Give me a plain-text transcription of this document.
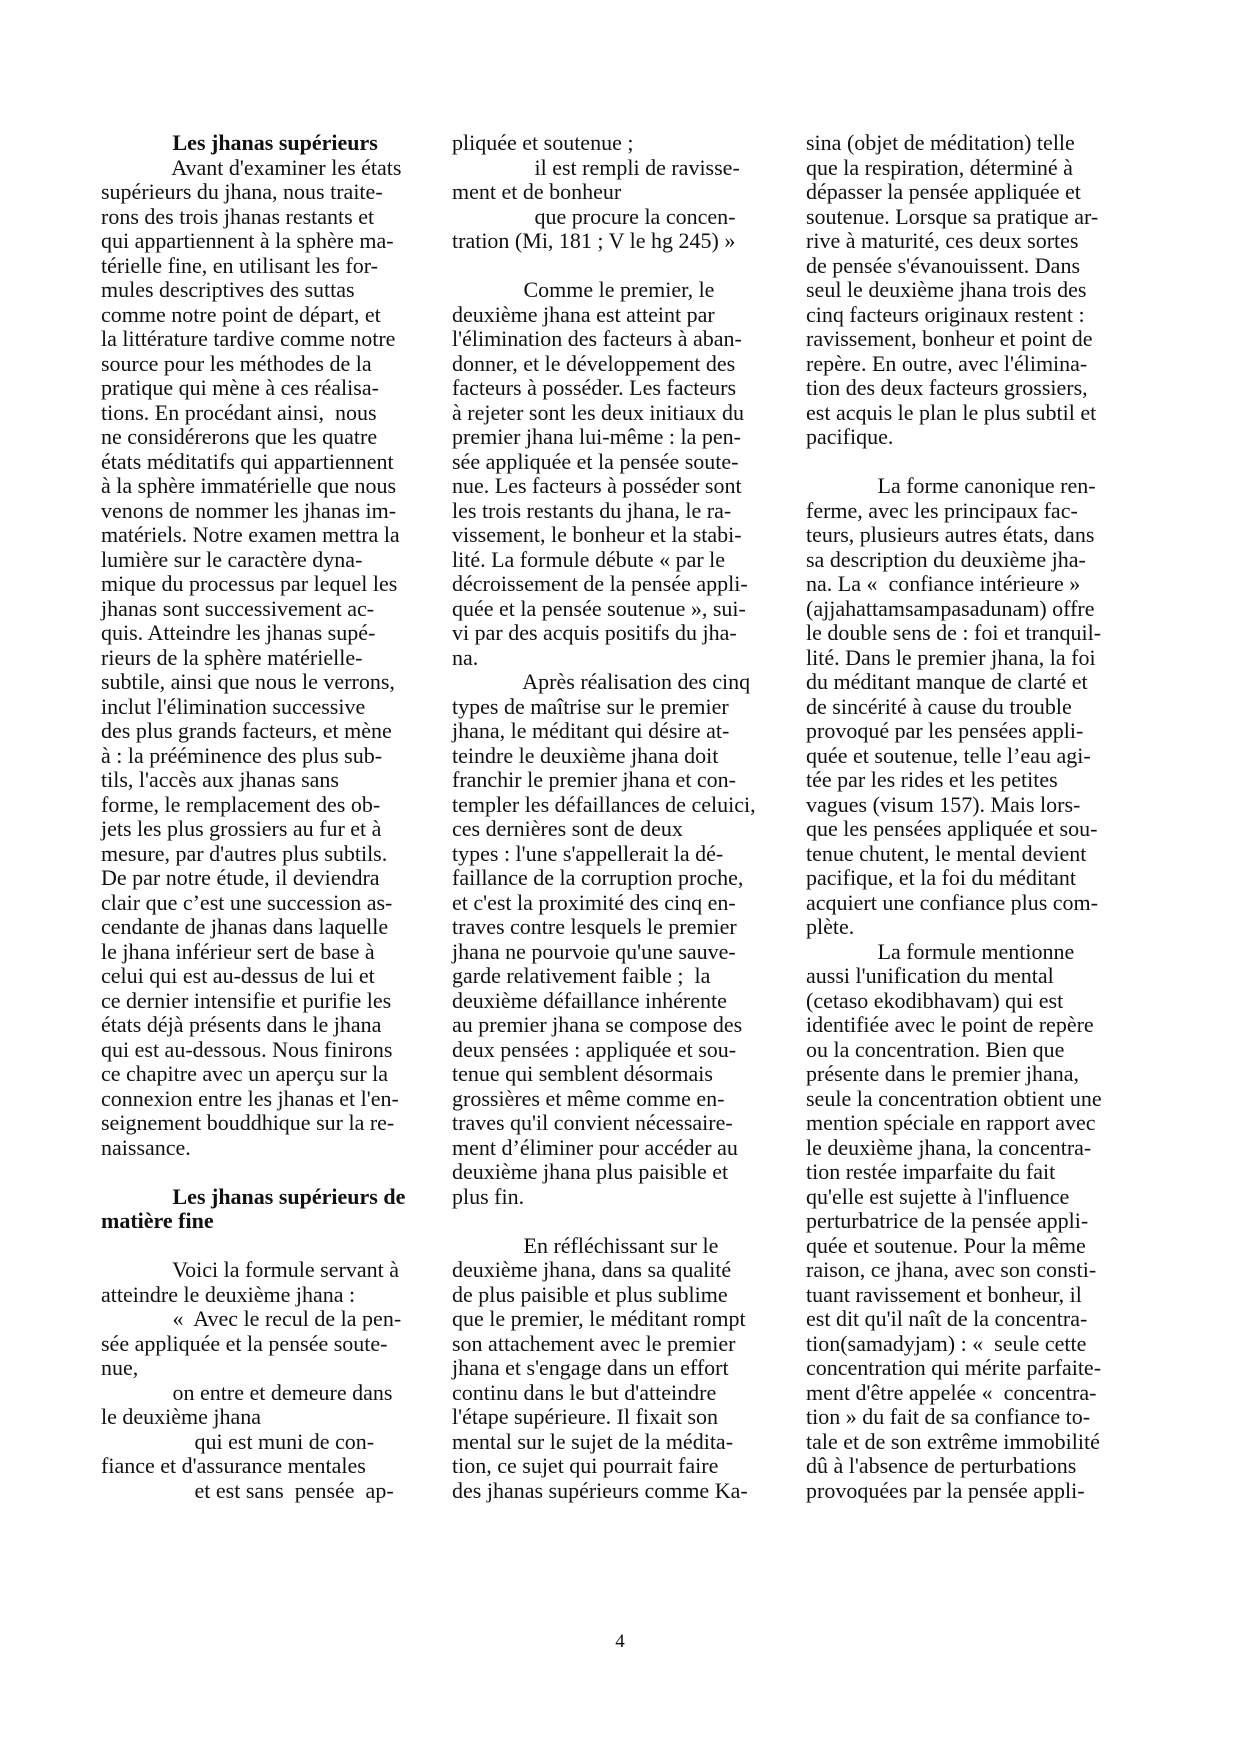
Les jhanas supérieurs
Avant d'examiner les états
supérieurs du jhana, nous traite-
rons des trois jhanas restants et
qui appartiennent à la sphère ma-
térielle fine, en utilisant les for-
mules descriptives des suttas
comme notre point de départ, et
la littérature tardive comme notre
source pour les méthodes de la
pratique qui mène à ces réalisa-
tions. En procédant ainsi,  nous
ne considérerons que les quatre
états méditatifs qui appartiennent
à la sphère immatérielle que nous
venons de nommer les jhanas im-
matériels. Notre examen mettra la
lumière sur le caractère dyna-
mique du processus par lequel les
jhanas sont successivement ac-
quis. Atteindre les jhanas supé-
rieurs de la sphère matérielle-
subtile, ainsi que nous le verrons,
inclut l'élimination successive
des plus grands facteurs, et mène
à : la prééminence des plus sub-
tils, l'accès aux jhanas sans
forme, le remplacement des ob-
jets les plus grossiers au fur et à
mesure, par d'autres plus subtils.
De par notre étude, il deviendra
clair que c’est une succession as-
cendante de jhanas dans laquelle
le jhana inférieur sert de base à
celui qui est au-dessus de lui et
ce dernier intensifie et purifie les
états déjà présents dans le jhana
qui est au-dessous. Nous finirons
ce chapitre avec un aperçu sur la
connexion entre les jhanas et l'en-
seignement bouddhique sur la re-
naissance.
Les jhanas supérieurs de
matière fine
Voici la formule servant à
atteindre le deuxième jhana :
«  Avec le recul de la pen-
sée appliquée et la pensée soute-
nue,
on entre et demeure dans
le deuxième jhana
qui est muni de con-
fiance et d'assurance mentales
et est sans  pensée  ap-
pliquée et soutenue ;
il est rempli de ravisse-
ment et de bonheur
que procure la concen-
tration (Mi, 181 ; V le hg 245) »
Comme le premier, le
deuxième jhana est atteint par
l'élimination des facteurs à aban-
donner, et le développement des
facteurs à posséder. Les facteurs
à rejeter sont les deux initiaux du
premier jhana lui-même : la pen-
sée appliquée et la pensée soute-
nue. Les facteurs à posséder sont
les trois restants du jhana, le ra-
vissement, le bonheur et la stabi-
lité. La formule débute « par le
décroissement de la pensée appli-
quée et la pensée soutenue », sui-
vi par des acquis positifs du jha-
na.
Après réalisation des cinq
types de maîtrise sur le premier
jhana, le méditant qui désire at-
teindre le deuxième jhana doit
franchir le premier jhana et con-
templer les défaillances de celuici,
ces dernières sont de deux
types : l'une s'appellerait la dé-
faillance de la corruption proche,
et c'est la proximité des cinq en-
traves contre lesquels le premier
jhana ne pourvoie qu'une sauve-
garde relativement faible ;  la
deuxième défaillance inhérente
au premier jhana se compose des
deux pensées : appliquée et sou-
tenue qui semblent désormais
grossières et même comme en-
traves qu'il convient nécessaire-
ment d’éliminer pour accéder au
deuxième jhana plus paisible et
plus fin.
En réfléchissant sur le
deuxième jhana, dans sa qualité
de plus paisible et plus sublime
que le premier, le méditant rompt
son attachement avec le premier
jhana et s'engage dans un effort
continu dans le but d'atteindre
l'étape supérieure. Il fixait son
mental sur le sujet de la médita-
tion, ce sujet qui pourrait faire
des jhanas supérieurs comme Ka-
sina (objet de méditation) telle
que la respiration, déterminé à
dépasser la pensée appliquée et
soutenue. Lorsque sa pratique ar-
rive à maturité, ces deux sortes
de pensée s'évanouissent. Dans
seul le deuxième jhana trois des
cinq facteurs originaux restent :
ravissement, bonheur et point de
repère. En outre, avec l'élimina-
tion des deux facteurs grossiers,
est acquis le plan le plus subtil et
pacifique.
La forme canonique ren-
ferme, avec les principaux fac-
teurs, plusieurs autres états, dans
sa description du deuxième jha-
na. La «  confiance intérieure »
(ajjahattamsampasadunam) offre
le double sens de : foi et tranquil-
lité. Dans le premier jhana, la foi
du méditant manque de clarté et
de sincérité à cause du trouble
provoqué par les pensées appli-
quée et soutenue, telle l’eau agi-
tée par les rides et les petites
vagues (visum 157). Mais lors-
que les pensées appliquée et sou-
tenue chutent, le mental devient
pacifique, et la foi du méditant
acquiert une confiance plus com-
plète.
La formule mentionne
aussi l'unification du mental
(cetaso ekodibhavam) qui est
identifiée avec le point de repère
ou la concentration. Bien que
présente dans le premier jhana,
seule la concentration obtient une
mention spéciale en rapport avec
le deuxième jhana, la concentra-
tion restée imparfaite du fait
qu'elle est sujette à l'influence
perturbatrice de la pensée appli-
quée et soutenue. Pour la même
raison, ce jhana, avec son consti-
tuant ravissement et bonheur, il
est dit qu'il naît de la concentra-
tion(samadyjam) : «  seule cette
concentration qui mérite parfaite-
ment d'être appelée «  concentra-
tion » du fait de sa confiance to-
tale et de son extrême immobilité
dû à l'absence de perturbations
provoquées par la pensée appli-
4
